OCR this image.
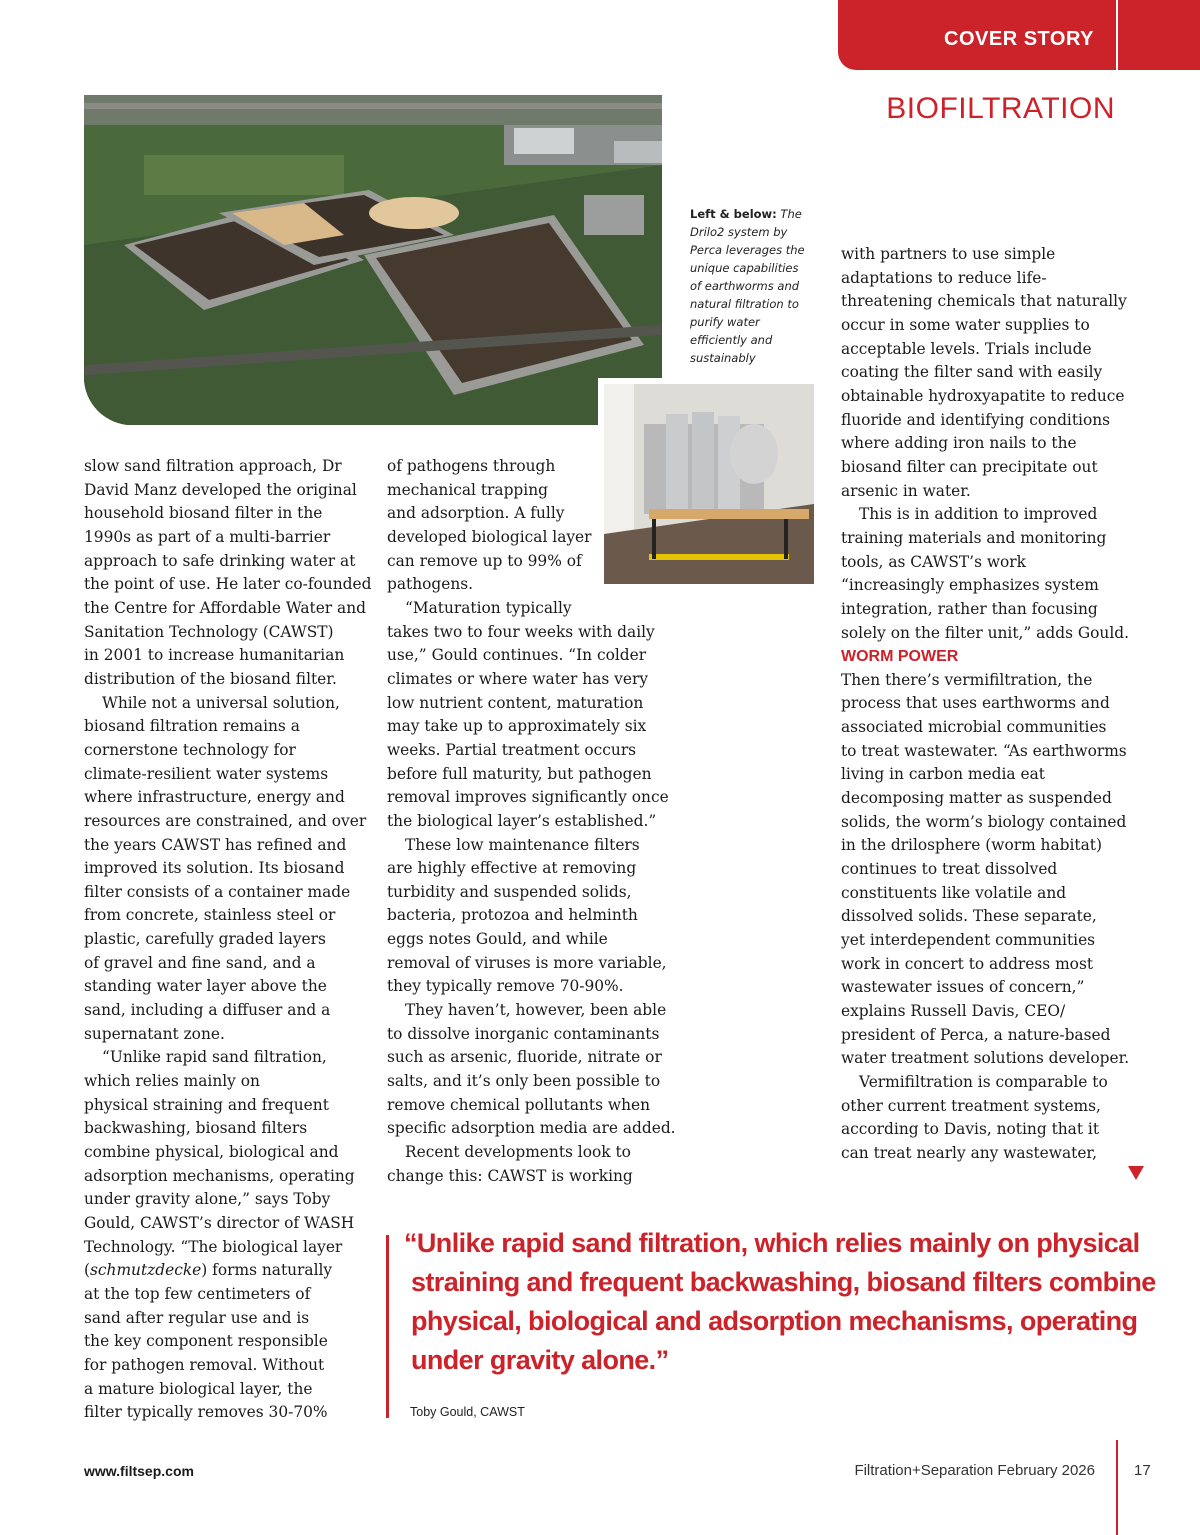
COVER STORY
BIOFILTRATION
Left & below: The Drilo2 system by Perca leverages the unique capabilities of earthworms and natural filtration to purify water efficiently and sustainably

slow sand filtration approach, Dr

David Manz developed the original

household biosand filter in the

1990s as part of a multi-barrier

approach to safe drinking water at

the point of use. He later co-founded

the Centre for Affordable Water and

Sanitation Technology (CAWST)

in 2001 to increase humanitarian

distribution of the biosand filter.

While not a universal solution,

biosand filtration remains a

cornerstone technology for

climate-resilient water systems

where infrastructure, energy and

resources are constrained, and over

the years CAWST has refined and

improved its solution. Its biosand

filter consists of a container made

from concrete, stainless steel or

plastic, carefully graded layers

of gravel and fine sand, and a

standing water layer above the

sand, including a diffuser and a

supernatant zone.

“Unlike rapid sand filtration,

which relies mainly on

physical straining and frequent

backwashing, biosand filters

combine physical, biological and

adsorption mechanisms, operating

under gravity alone,” says Toby

Gould, CAWST’s director of WASH

Technology. “The biological layer

(schmutzdecke) forms naturally

at the top few centimeters of

sand after regular use and is

the key component responsible

for pathogen removal. Without

a mature biological layer, the

filter typically removes 30-70%

of pathogens through

mechanical trapping

and adsorption. A fully

developed biological layer

can remove up to 99% of

pathogens.

“Maturation typically

takes two to four weeks with daily

use,” Gould continues. “In colder

climates or where water has very

low nutrient content, maturation

may take up to approximately six

weeks. Partial treatment occurs

before full maturity, but pathogen

removal improves significantly once

the biological layer’s established.”

These low maintenance filters

are highly effective at removing

turbidity and suspended solids,

bacteria, protozoa and helminth

eggs notes Gould, and while

removal of viruses is more variable,

they typically remove 70-90%.

They haven’t, however, been able

to dissolve inorganic contaminants

such as arsenic, fluoride, nitrate or

salts, and it’s only been possible to

remove chemical pollutants when

specific adsorption media are added.

Recent developments look to

change this: CAWST is working

with partners to use simple

adaptations to reduce life-

threatening chemicals that naturally

occur in some water supplies to

acceptable levels. Trials include

coating the filter sand with easily

obtainable hydroxyapatite to reduce

fluoride and identifying conditions

where adding iron nails to the

biosand filter can precipitate out

arsenic in water.

This is in addition to improved

training materials and monitoring

tools, as CAWST’s work

“increasingly emphasizes system

integration, rather than focusing

solely on the filter unit,” adds Gould.

WORM POWER

Then there’s vermifiltration, the

process that uses earthworms and

associated microbial communities

to treat wastewater. “As earthworms

living in carbon media eat

decomposing matter as suspended

solids, the worm’s biology contained

in the drilosphere (worm habitat)

continues to treat dissolved

constituents like volatile and

dissolved solids. These separate,

yet interdependent communities

work in concert to address most

wastewater issues of concern,”

explains Russell Davis, CEO/

president of Perca, a nature-based

water treatment solutions developer.

Vermifiltration is comparable to

other current treatment systems,

according to Davis, noting that it

can treat nearly any wastewater,

“Unlike rapid sand filtration, which relies mainly on physical
straining and frequent backwashing, biosand filters combine
physical, biological and adsorption mechanisms, operating
under gravity alone.”
Toby Gould, CAWST
www.filtsep.com	Filtration+Separation February 2026	17
